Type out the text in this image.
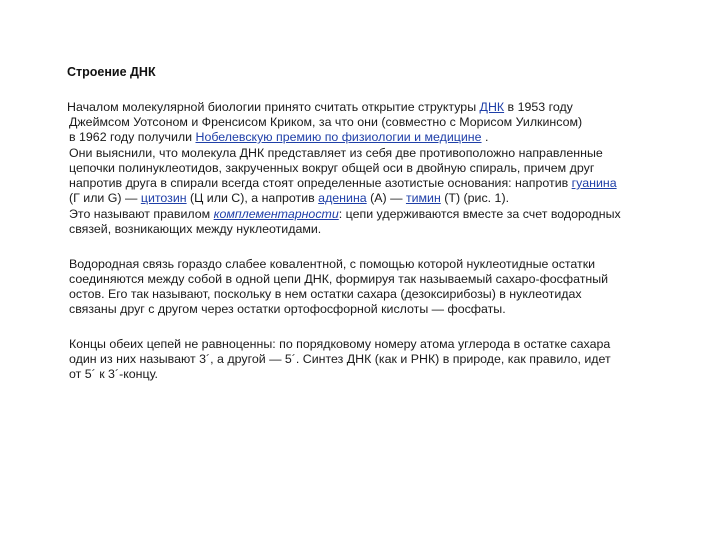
Строение ДНК
Началом молекулярной биологии принято считать открытие структуры ДНК в 1953 году
Джеймсом Уотсоном и Френсисом Криком, за что они (совместно с Морисом Уилкинсом)
в 1962 году получили Нобелевскую премию по физиологии и медицине .
Они выяснили, что молекула ДНК представляет из себя две противоположно направленные
цепочки полинуклеотидов, закрученных вокруг общей оси в двойную спираль, причем друг
напротив друга в спирали всегда стоят определенные азотистые основания: напротив гуанина
(Г или G) — цитозин (Ц или C), а напротив аденина (А) — тимин (Т) (рис. 1).
Это называют правилом комплементарности: цепи удерживаются вместе за счет водородных
связей, возникающих между нуклеотидами.
Водородная связь гораздо слабее ковалентной, с помощью которой нуклеотидные остатки
соединяются между собой в одной цепи ДНК, формируя так называемый сахаро-фосфатный
остов. Его так называют, поскольку в нем остатки сахара (дезоксирибозы) в нуклеотидах
связаны друг с другом через остатки ортофосфорной кислоты — фосфаты.
Концы обеих цепей не равноценны: по порядковому номеру атома углерода в остатке сахара
один из них называют 3´, а другой — 5´. Синтез ДНК (как и РНК) в природе, как правило, идет
от 5´ к 3´-концу.
